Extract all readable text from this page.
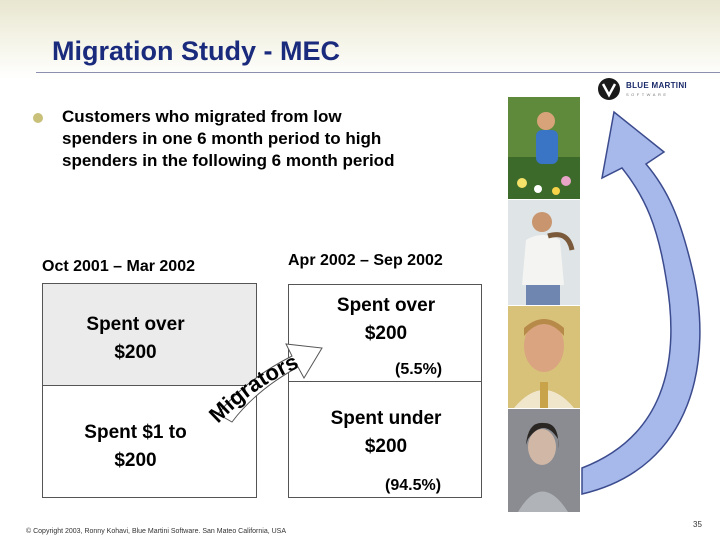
Migration Study - MEC
BLUE MARTINI
SOFTWARE
Customers who migrated from low
spenders in one 6 month period to high
spenders in the following 6 month period
Oct 2001 – Mar 2002	Apr 2002 – Sep 2002
Spent over
$200
Spent $1 to
$200
Spent over
$200
(5.5%)
Spent under
$200
(94.5%)
Migrators
© Copyright 2003, Ronny Kohavi, Blue Martini Software. San Mateo California, USA
35
